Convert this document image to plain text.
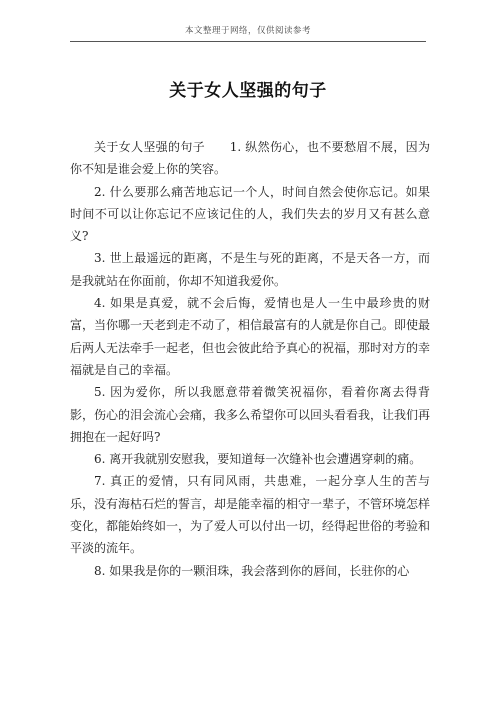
本文整理于网络，仅供阅读参考
关于女人坚强的句子

关于女人坚强的句子　　1. 纵然伤心，也不要愁眉不展，因为你不知是谁会爱上你的笑容。

2. 什么要那么痛苦地忘记一个人，时间自然会使你忘记。如果时间不可以让你忘记不应该记住的人，我们失去的岁月又有甚么意义?

3. 世上最遥远的距离，不是生与死的距离，不是天各一方，而是我就站在你面前，你却不知道我爱你。

4. 如果是真爱，就不会后悔，爱情也是人一生中最珍贵的财富，当你哪一天老到走不动了，相信最富有的人就是你自己。即使最后两人无法牵手一起老，但也会彼此给予真心的祝福，那时对方的幸福就是自己的幸福。

5. 因为爱你，所以我愿意带着微笑祝福你，看着你离去得背影，伤心的泪会流心会痛，我多么希望你可以回头看看我，让我们再拥抱在一起好吗?

6. 离开我就别安慰我，要知道每一次缝补也会遭遇穿刺的痛。

7. 真正的爱情，只有同风雨，共患难，一起分享人生的苦与乐，没有海枯石烂的誓言，却是能幸福的相守一辈子，不管环境怎样变化，都能始终如一，为了爱人可以付出一切，经得起世俗的考验和平淡的流年。

8. 如果我是你的一颗泪珠，我会落到你的唇间，长驻你的心
